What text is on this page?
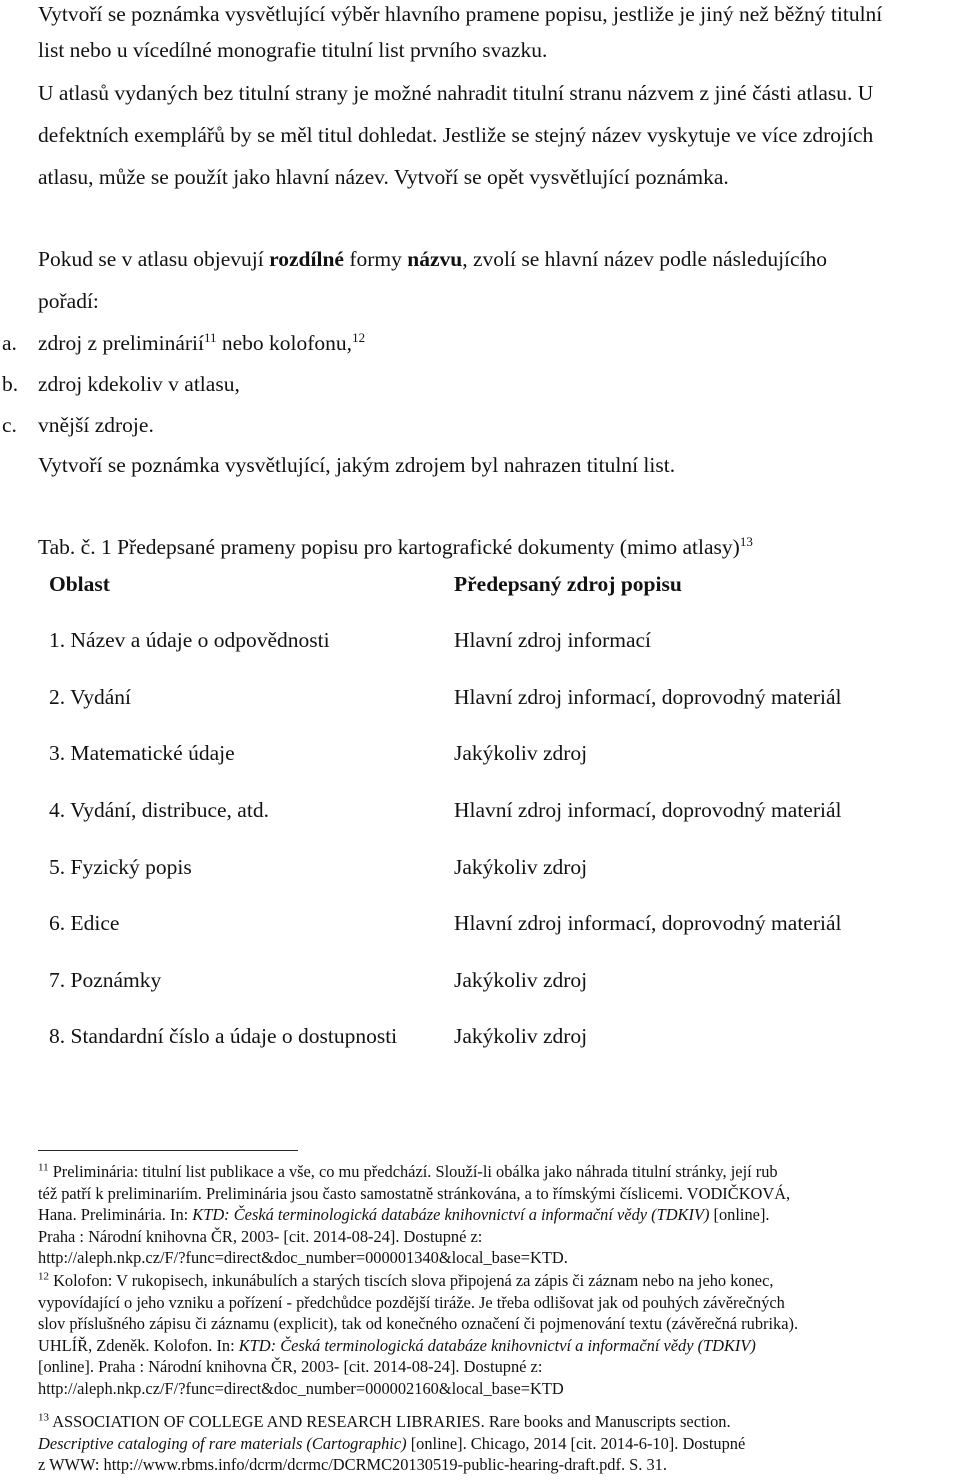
Vytvoří se poznámka vysvětlující výběr hlavního pramene popisu, jestliže je jiný než běžný titulní
list nebo u vícedílné monografie titulní list prvního svazku.
U atlasů vydaných bez titulní strany je možné nahradit titulní stranu názvem z jiné části atlasu. U
defektních exemplářů by se měl titul dohledat. Jestliže se stejný název vyskytuje ve více zdrojích
atlasu, může se použít jako hlavní název. Vytvoří se opět vysvětlující poznámka.
Pokud se v atlasu objevují rozdílné formy názvu, zvolí se hlavní název podle následujícího
pořadí:
a. zdroj z preliminárií$^{11}$ nebo kolofonu,$^{12}$
b. zdroj kdekoliv v atlasu,
c. vnější zdroje.
Vytvoří se poznámka vysvětlující, jakým zdrojem byl nahrazen titulní list.
Tab. č. 1 Předepsané prameny popisu pro kartografické dokumenty (mimo atlasy)$^{13}$
Oblast	Předepsaný zdroj popisu
1. Název a údaje o odpovědnosti	Hlavní zdroj informací
2. Vydání	Hlavní zdroj informací, doprovodný materiál
3. Matematické údaje	Jakýkoliv zdroj
4. Vydání, distribuce, atd.	Hlavní zdroj informací, doprovodný materiál
5. Fyzický popis	Jakýkoliv zdroj
6. Edice	Hlavní zdroj informací, doprovodný materiál
7. Poznámky	Jakýkoliv zdroj
8. Standardní číslo a údaje o dostupnosti	Jakýkoliv zdroj
$^{11}$ Preliminária: titulní list publikace a vše, co mu předchází. Slouží-li obálka jako náhrada titulní stránky, její rub
též patří k preliminariím. Preliminária jsou často samostatně stránkována, a to římskými číslicemi. VODIČKOVÁ,
Hana. Preliminária. In: KTD: Česká terminologická databáze knihovnictví a informační vědy (TDKIV) [online].
Praha : Národní knihovna ČR, 2003- [cit. 2014-08-24]. Dostupné z:
http://aleph.nkp.cz/F/?func=direct&doc_number=000001340&local_base=KTD.
$^{12}$ Kolofon: V rukopisech, inkunábulích a starých tiscích slova připojená za zápis či záznam nebo na jeho konec,
vypovídající o jeho vzniku a pořízení - předchůdce pozdější tiráže. Je třeba odlišovat jak od pouhých závěrečných
slov příslušného zápisu či záznamu (explicit), tak od konečného označení či pojmenování textu (závěrečná rubrika).
UHLÍŘ, Zdeněk. Kolofon. In: KTD: Česká terminologická databáze knihovnictví a informační vědy (TDKIV)
[online]. Praha : Národní knihovna ČR, 2003- [cit. 2014-08-24]. Dostupné z:
http://aleph.nkp.cz/F/?func=direct&doc_number=000002160&local_base=KTD
$^{13}$ ASSOCIATION OF COLLEGE AND RESEARCH LIBRARIES. Rare books and Manuscripts section.
Descriptive cataloging of rare materials (Cartographic) [online]. Chicago, 2014 [cit. 2014-6-10]. Dostupné
z WWW: http://www.rbms.info/dcrm/dcrmc/DCRMC20130519-public-hearing-draft.pdf. S. 31.
